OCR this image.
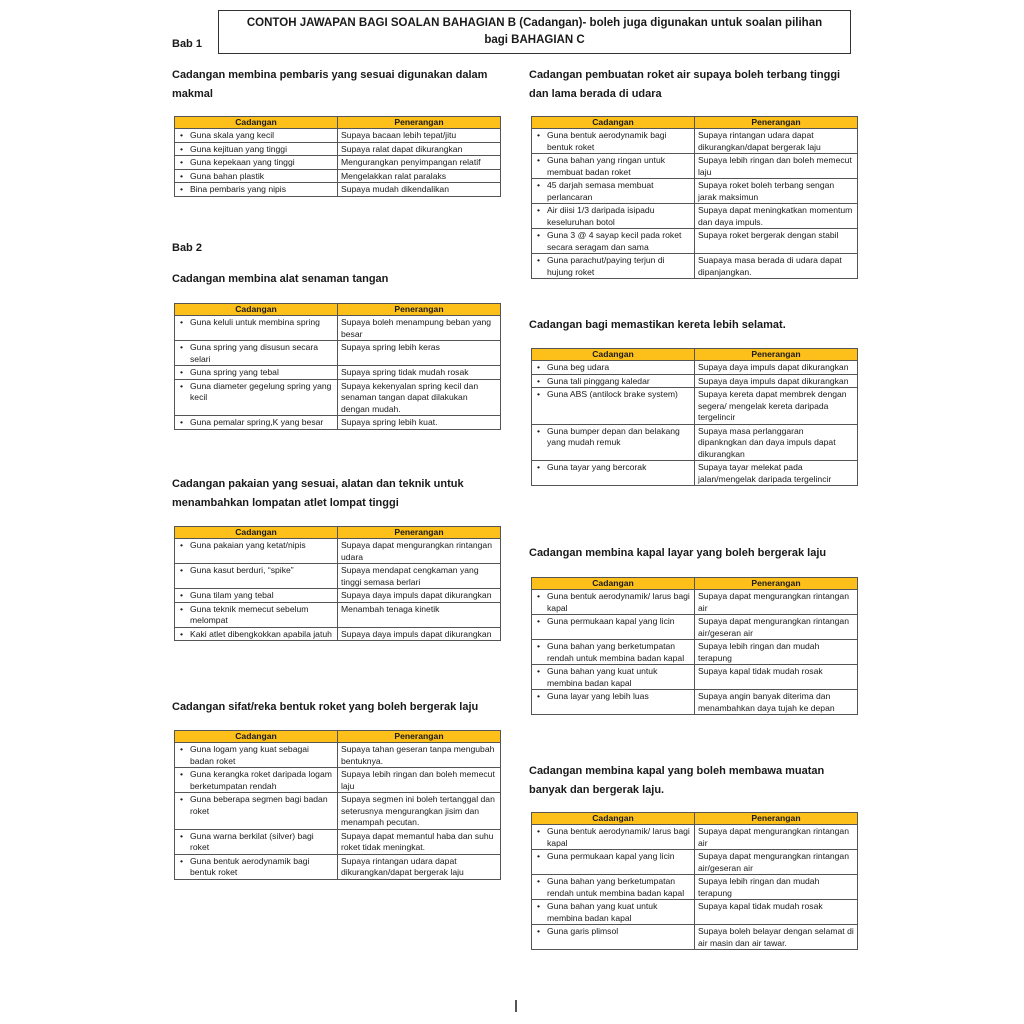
CONTOH JAWAPAN BAGI SOALAN BAHAGIAN B (Cadangan)- boleh juga digunakan untuk soalan pilihan
bagi BAHAGIAN C
Bab 1
Bab 2
Cadangan membina pembaris yang sesuai digunakan dalam
makmal
Cadangan membina alat senaman tangan
Cadangan pakaian yang sesuai, alatan dan teknik untuk
menambahkan lompatan atlet lompat tinggi
Cadangan sifat/reka bentuk roket yang boleh bergerak laju
Cadangan pembuatan roket air supaya boleh terbang tinggi
dan lama berada di udara
Cadangan bagi memastikan kereta lebih selamat.
Cadangan membina kapal layar yang boleh bergerak laju
Cadangan membina kapal yang boleh membawa muatan
banyak dan bergerak laju.
Cadangan	Penerangan

• Guna skala yang kecil	Supaya bacaan lebih tepat/jitu

• Guna kejituan yang tinggi	Supaya ralat dapat dikurangkan

• Guna kepekaan yang tinggi	Mengurangkan penyimpangan relatif

• Guna bahan plastik	Mengelakkan ralat paralaks

• Bina pembaris yang nipis	Supaya mudah dikendalikan
Cadangan	Penerangan

• Guna keluli untuk membina spring	Supaya boleh menampung beban yang besar

• Guna spring yang disusun secara selari	Supaya spring lebih keras

• Guna spring yang tebal	Supaya spring tidak mudah rosak

• Guna diameter gegelung spring yang kecil	Supaya kekenyalan spring kecil dan senaman tangan dapat dilakukan dengan mudah.

• Guna pemalar spring,K yang besar	Supaya spring lebih kuat.
Cadangan	Penerangan

• Guna pakaian yang ketat/nipis	Supaya dapat mengurangkan rintangan udara

• Guna kasut berduri, “spike”	Supaya mendapat cengkaman yang tinggi semasa berlari

• Guna tilam yang tebal	Supaya daya impuls dapat dikurangkan

• Guna teknik memecut sebelum melompat	Menambah tenaga kinetik

• Kaki atlet dibengkokkan apabila jatuh	Supaya daya impuls dapat dikurangkan
Cadangan	Penerangan

• Guna logam yang kuat sebagai badan roket	Supaya tahan geseran tanpa mengubah bentuknya.

• Guna kerangka roket daripada logam berketumpatan rendah	Supaya lebih ringan dan boleh memecut laju

• Guna beberapa segmen bagi badan roket	Supaya segmen ini boleh tertanggal dan seterusnya mengurangkan jisim dan menampah pecutan.

• Guna warna berkilat (silver) bagi roket	Supaya dapat memantul haba dan suhu roket tidak meningkat.

• Guna bentuk aerodynamik bagi bentuk roket	Supaya rintangan udara dapat dikurangkan/dapat bergerak laju
Cadangan	Penerangan

• Guna bentuk aerodynamik bagi bentuk roket	Supaya rintangan udara dapat dikurangkan/dapat bergerak laju

• Guna bahan yang ringan untuk membuat badan roket	Supaya lebih ringan dan boleh memecut laju

• 45 darjah semasa membuat perlancaran	Supaya roket boleh terbang sengan jarak maksimun

• Air diisi 1/3 daripada isipadu keseluruhan botol	Supaya dapat meningkatkan momentum dan daya impuls.

• Guna 3 @ 4 sayap kecil pada roket secara seragam dan sama	Supaya roket bergerak dengan stabil

• Guna parachut/paying terjun di hujung roket	Suapaya masa berada di udara dapat dipanjangkan.
Cadangan	Penerangan

• Guna beg udara	Supaya daya impuls dapat dikurangkan

• Guna tali pinggang kaledar	Supaya daya impuls dapat dikurangkan

• Guna ABS (antilock brake system)	Supaya kereta dapat membrek dengan segera/ mengelak kereta daripada tergelincir

• Guna bumper depan dan belakang yang mudah remuk	Supaya masa perlanggaran dipankngkan dan daya impuls dapat dikurangkan

• Guna tayar yang bercorak	Supaya tayar melekat pada jalan/mengelak daripada tergelincir
Cadangan	Penerangan

• Guna bentuk aerodynamik/ larus bagi kapal	Supaya dapat mengurangkan rintangan air

• Guna permukaan kapal yang licin	Supaya dapat mengurangkan rintangan air/geseran air

• Guna bahan yang berketumpatan rendah untuk membina badan kapal	Supaya lebih ringan dan mudah terapung

• Guna bahan yang kuat untuk membina badan kapal	Supaya kapal tidak mudah rosak

• Guna layar yang lebih luas	Supaya angin banyak diterima dan menambahkan daya tujah ke depan
Cadangan	Penerangan

• Guna bentuk aerodynamik/ larus bagi kapal	Supaya dapat mengurangkan rintangan air

• Guna permukaan kapal yang licin	Supaya dapat mengurangkan rintangan air/geseran air

• Guna bahan yang berketumpatan rendah untuk membina badan kapal	Supaya lebih ringan dan mudah terapung

• Guna bahan yang kuat untuk membina badan kapal	Supaya kapal tidak mudah rosak

• Guna garis plimsol	Supaya boleh belayar dengan selamat di air masin dan air tawar.
